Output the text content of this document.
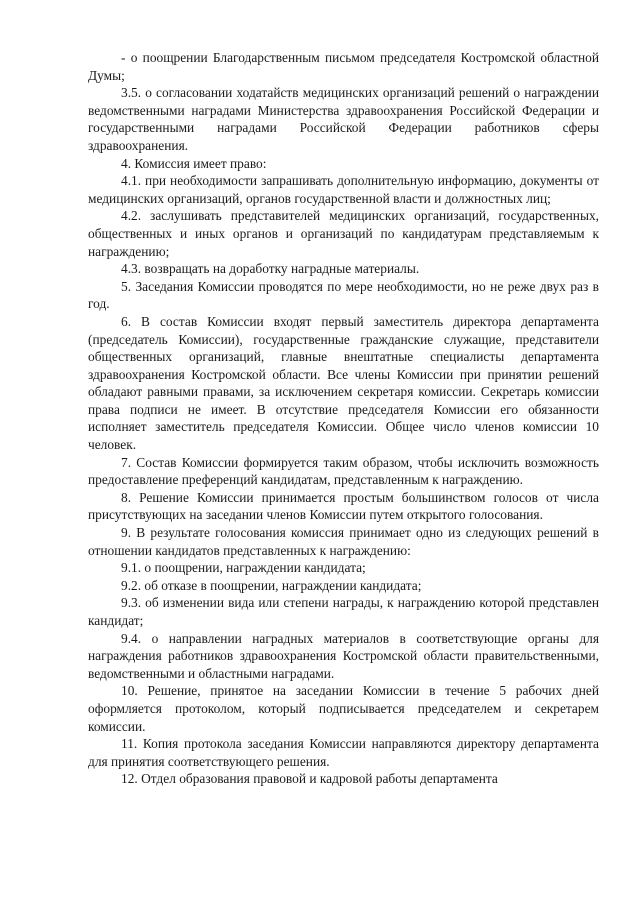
- о поощрении Благодарственным письмом председателя Костромской областной Думы;

3.5. о согласовании ходатайств медицинских организаций решений о награждении ведомственными наградами Министерства здравоохранения Российской Федерации и государственными наградами Российской Федерации работников сферы здравоохранения.

4. Комиссия имеет право:

4.1. при необходимости запрашивать дополнительную информацию, документы от медицинских организаций, органов государственной власти и должностных лиц;

4.2. заслушивать представителей медицинских организаций, государственных, общественных и иных органов и организаций по кандидатурам представляемым к награждению;

4.3. возвращать на доработку наградные материалы.

5. Заседания Комиссии проводятся по мере необходимости, но не реже двух раз в год.

6. В состав Комиссии входят первый заместитель директора департамента (председатель Комиссии), государственные гражданские служащие, представители общественных организаций, главные внештатные специалисты департамента здравоохранения Костромской области. Все члены Комиссии при принятии решений обладают равными правами, за исключением секретаря комиссии. Секретарь комиссии права подписи не имеет. В отсутствие председателя Комиссии его обязанности исполняет заместитель председателя Комиссии. Общее число членов комиссии 10 человек.

7. Состав Комиссии формируется таким образом, чтобы исключить возможность предоставление преференций кандидатам, представленным к награждению.

8. Решение Комиссии принимается простым большинством голосов от числа присутствующих на заседании членов Комиссии путем открытого голосования.

9. В результате голосования комиссия принимает одно из следующих решений в отношении кандидатов представленных к награждению:

9.1. о поощрении, награждении кандидата;

9.2. об отказе в поощрении, награждении кандидата;

9.3. об изменении вида или степени награды, к награждению которой представлен кандидат;

9.4. о направлении наградных материалов в соответствующие органы для награждения работников здравоохранения Костромской области правительственными, ведомственными и областными наградами.

10. Решение, принятое на заседании Комиссии в течение 5 рабочих дней оформляется протоколом, который подписывается председателем и секретарем комиссии.

11. Копия протокола заседания Комиссии направляются директору департамента для принятия соответствующего решения.

12. Отдел образования правовой и кадровой работы департамента
